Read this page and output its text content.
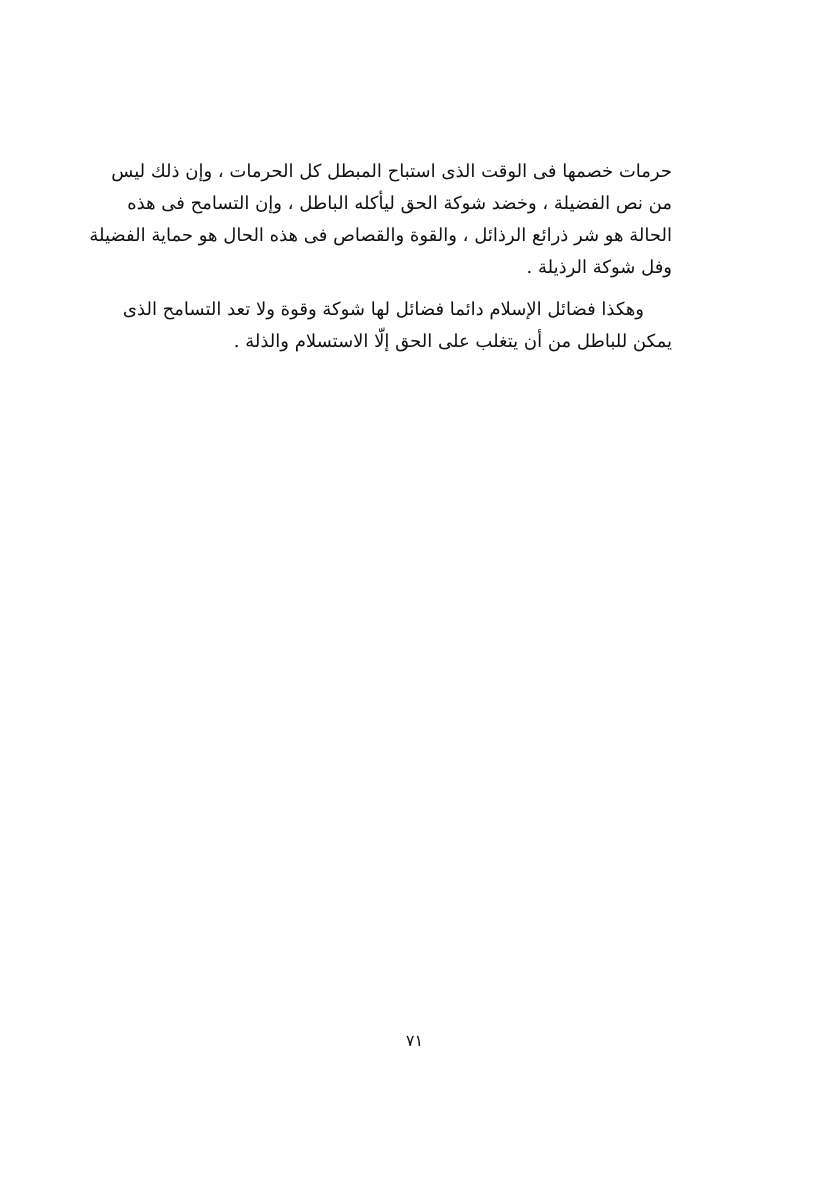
حرمات خصمها فى الوقت الذى استباح المبطل كل الحرمات ، وإن ذلك ليس
من نص الفضيلة ، وخضد شوكة الحق ليأكله الباطل ، وإن التسامح فى هذه
الحالة هو شر ذرائع الرذائل ، والقوة والقصاص فى هذه الحال هو حماية الفضيلة
وفل شوكة الرذيلة .

وهكذا فضائل الإسلام دائما فضائل لها شوكة وقوة ولا تعد التسامح الذى
يمكن للباطل من أن يتغلب على الحق إلّا الاستسلام والذلة .

٧١
